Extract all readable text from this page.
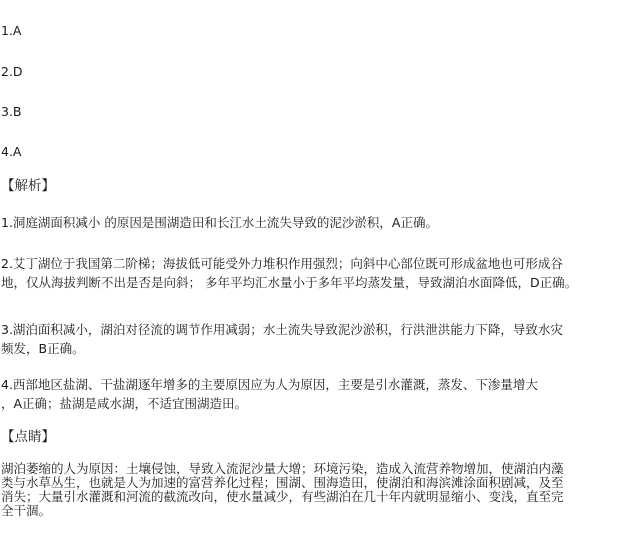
1.A
2.D
3.B
4.A
【解析】
1.洞庭湖面积减小 的原因是围湖造田和长江水土流失导致的泥沙淤积，A正确。
2.艾丁湖位于我国第二阶梯；海拔低可能受外力堆积作用强烈；向斜中心部位既可形成盆地也可形成谷
地，仅从海拔判断不出是否是向斜； 多年平均汇水量小于多年平均蒸发量，导致湖泊水面降低，D正确。
3.湖泊面积减小，湖泊对径流的调节作用减弱；水土流失导致泥沙淤积，行洪泄洪能力下降，导致水灾
频发，B正确。
4.西部地区盐湖、干盐湖逐年增多的主要原因应为人为原因，主要是引水灌溉，蒸发、下渗量增大
，A正确；盐湖是咸水湖，不适宜围湖造田。
【点睛】
湖泊萎缩的人为原因：土壤侵蚀，导致入流泥沙量大增；环境污染，造成入流营养物增加，使湖泊内藻
类与水草丛生，也就是人为加速的富营养化过程；围湖、围海造田，使湖泊和海滨滩涂面积剧减，及至
消失；大量引水灌溉和河流的截流改向，使水量减少，有些湖泊在几十年内就明显缩小、变浅，直至完
全干涸。
